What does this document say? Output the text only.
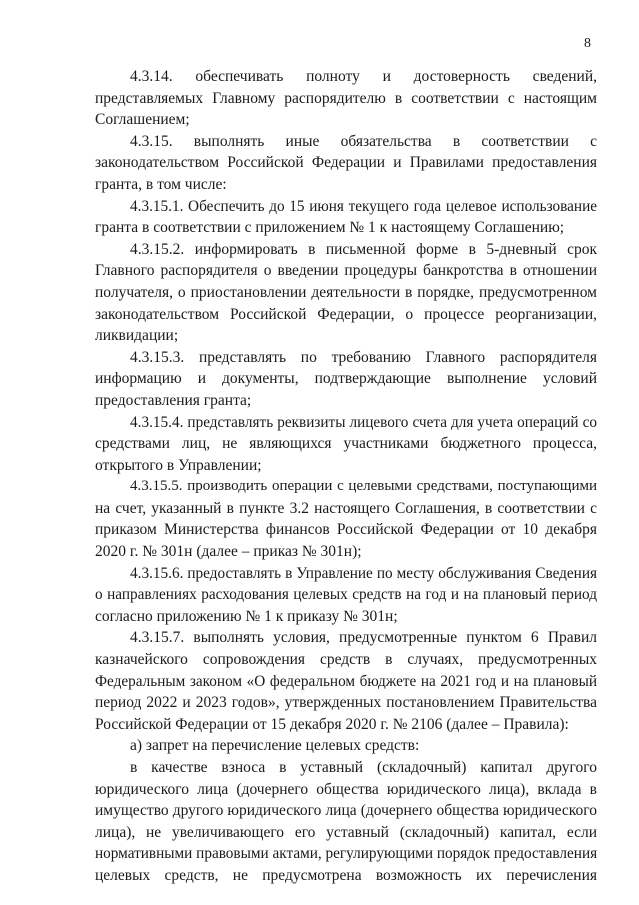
8

4.3.14. обеспечивать полноту и достоверность сведений,

представляемых Главному распорядителю в соответствии с настоящим

Соглашением;

4.3.15. выполнять иные обязательства в соответствии с

законодательством Российской Федерации и Правилами предоставления

гранта, в том числе:

4.3.15.1. Обеспечить до 15 июня текущего года целевое использование

гранта в соответствии с приложением № 1 к настоящему Соглашению;

4.3.15.2. информировать в письменной форме в 5-дневный срок

Главного распорядителя о введении процедуры банкротства в отношении

получателя, о приостановлении деятельности в порядке, предусмотренном

законодательством Российской Федерации, о процессе реорганизации,

ликвидации;

4.3.15.3. представлять по требованию Главного распорядителя

информацию и документы, подтверждающие выполнение условий

предоставления гранта;

4.3.15.4. представлять реквизиты лицевого счета для учета операций со

средствами лиц, не являющихся участниками бюджетного процесса,

открытого в Управлении;

4.3.15.5. производить операции с целевыми средствами, поступающими

на счет, указанный в пункте 3.2 настоящего Соглашения, в соответствии с

приказом Министерства финансов Российской Федерации от 10 декабря

2020 г. № 301н (далее – приказ № 301н);

4.3.15.6. предоставлять в Управление по месту обслуживания Сведения

о направлениях расходования целевых средств на год и на плановый период

согласно приложению № 1 к приказу № 301н;

4.3.15.7. выполнять условия, предусмотренные пунктом 6 Правил

казначейского сопровождения средств в случаях, предусмотренных

Федеральным законом «О федеральном бюджете на 2021 год и на плановый

период 2022 и 2023 годов», утвержденных постановлением Правительства

Российской Федерации от 15 декабря 2020 г. № 2106 (далее – Правила):

а) запрет на перечисление целевых средств:

в качестве взноса в уставный (складочный) капитал другого

юридического лица (дочернего общества юридического лица), вклада в

имущество другого юридического лица (дочернего общества юридического

лица), не увеличивающего его уставный (складочный) капитал, если

нормативными правовыми актами, регулирующими порядок предоставления

целевых средств, не предусмотрена возможность их перечисления
